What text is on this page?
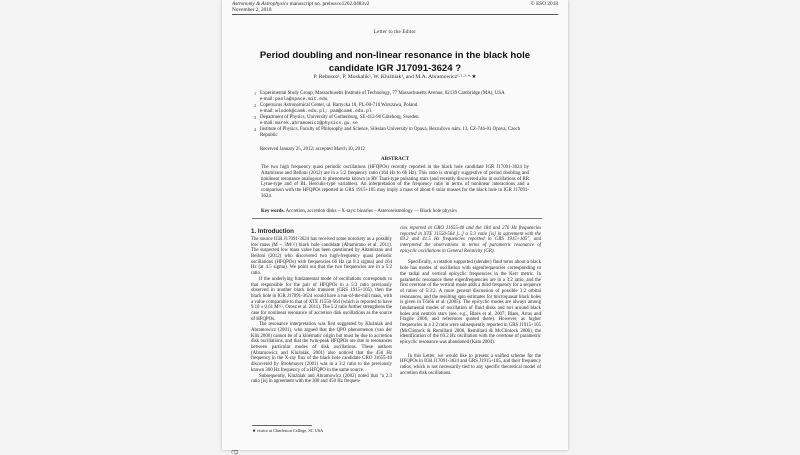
Astronomy & Astrophysics manuscript no. prebusco1202.0483v2
November 2, 2018
© ESO 2018
Letter to the Editor
Period doubling and non-linear resonance in the black hole
candidate IGR J17091-3624 ?
P. Rebusco¹, P. Moskalik², W. Kluźniak², and M.A. Abramowicz¹·²·³·⁴·★
1 Experimental Study Group, Massachusetts Institute of Technology, 77 Massachusetts Avenue, 02139 Cambridge (MA), USA
e-mail: paola@space.mit.edu
2 Copernicus Astronomical Center, ul. Bartycka 18, PL-00-716 Warszawa, Poland
e-mail: wlodek@camk.edu.pl; pam@camk.edu.pl
3 Department of Physics, University of Gothenburg, SE-412-96 Göteborg, Sweden
e-mail: marek.abramowicz@physics.gu.se
4 Institute of Physics, Faculty of Philosophy and Science, Silesian University in Opava, Bezručovo nám. 13, CZ-746-01 Opava, Czech
Republic
Received January 25, 2012; accepted March 10, 2012
ABSTRACT
The two high frequency quasi periodic oscillations (HFQPOs) recently reported in the black hole candidate IGR J17091-3624 by Altamirano and Belloni (2012) are in a 5:2 frequency ratio (164 Hz to 66 Hz). This ratio is strongly suggestive of period doubling and nonlinear resonance analogous to phenomena known in RV Tauri-type pulsating stars (and recently discovered also in oscillations of RR Lyrae-type and of BL Herculis-type variables). An interpretation of the frequency ratio in terms of nonlinear interactions and a comparison with the HFQPOs reported in GRS 1915+105 may imply a mass of about 6 solar masses for the black hole in IGR J17091-3624.
Key words. Accretion, accretion disks – X-rays: binaries – Asteroseismology — Black hole physics
1. Introduction

The source IGR J17091-3624 has received some notoriety as a possibly low mass (M ~ 3M☉) black hole candidate (Altamirano et al. 2011). The suspected low mass value has been questioned by Altamirano and Belloni (2012) who discovered two high-frequency quasi periodic oscillations (HFQPOs) with frequencies 66 Hz (at 8.3 sigma) and 164 Hz (at 4.5 sigma). We point out that the two frequencies are in a 5:2 ratio.

If the underlying fundamental mode of oscillations corresponds to that responsible for the pair of HFQPOs in a 5:3 ratio previously observed in another black hole transient (GRS 1915+105), then the black hole in IGR J17091-3624 would have a run-of-the-mill mass, with a value comparable to that of XTE J1550-564 (which is reported to have 9.10 ± 0.61 M☉, Orosz et al. 2011). The 5:2 ratio further strengthens the case for nonlinear resonance of accretion disk oscillations as the source of HFQPOs.

The resonance interpretation was first suggested by Kluźniak and Abramowicz (2001), who argued that the QPO phenomenon (van der Klis 2000) cannot be of a kinematic origin but must be due to accretion disk oscillations, and that the twin-peak HFQPOs are due to resonances between particular modes of disk oscillations. These authors (Abramowicz and Kluźniak, 2001) also noticed that the 450 Hz frequency in the X-ray flux of the black hole candidate GRO J1655-40 discovered by Strohmayer (2001) was in a 3:2 ratio to the previously known 300 Hz frequency of a HFQPO in the same source.

Subsequently, Kluźniak and Abramowicz (2002) noted that "a 2:3 ratio [is] in agreement with the 300 and 450 Hz frequen-

cies reported in GRO J1655-40 and the 184 and 276 Hz frequencies reported in XTE J1550-564 [...] a 5:3 ratio [is] in agreement with the 69.2 and 41.5 Hz frequencies reported in GRS 1915+105", and interpreted the observations in terms of parametric resonance of epicyclic oscillations in General Relativity (GR).

Specifically, a rotation supported (slender) fluid torus about a black hole has modes of oscillation with eigenfrequencies corresponding to the radial and vertical epicyclic frequencies in the Kerr metric. In parametric resonance these eigenfrequencies are in a 3:2 ratio, and the first overtone of the vertical mode adds a third frequency for a sequence of ratios of 5:3:2. A more general discussion of possible 3:2 orbital resonances, and the resulting spin estimates for microquasar black holes is given in Török et al. (2005). The epicyclic modes are always among fundamental modes of oscillation of fluid disks and tori around black holes and neutron stars (see, e.g., Blaes et al. 2007; Blaes, Arras and Fragile 2006, and references quoted there). However, as higher frequencies in a 3:2 ratio were subsequently reported in GRS J1915+105 (McClintock & Remillard 2006, Remillard & McClintock 2006), the identification of the 69.2 Hz oscillation with the overtone of parametric epicyclic resonance was abandoned (Kato 2004).

In this Letter, we would like to present a unified scheme for the HFQPOs in IGR J17091-3624 and GRS J1915+105, and their frequency ratios, which is not necessarily tied to any specific theoretical model of accretion disk oscillations.

★ visitor at Charleston College, SC USA
